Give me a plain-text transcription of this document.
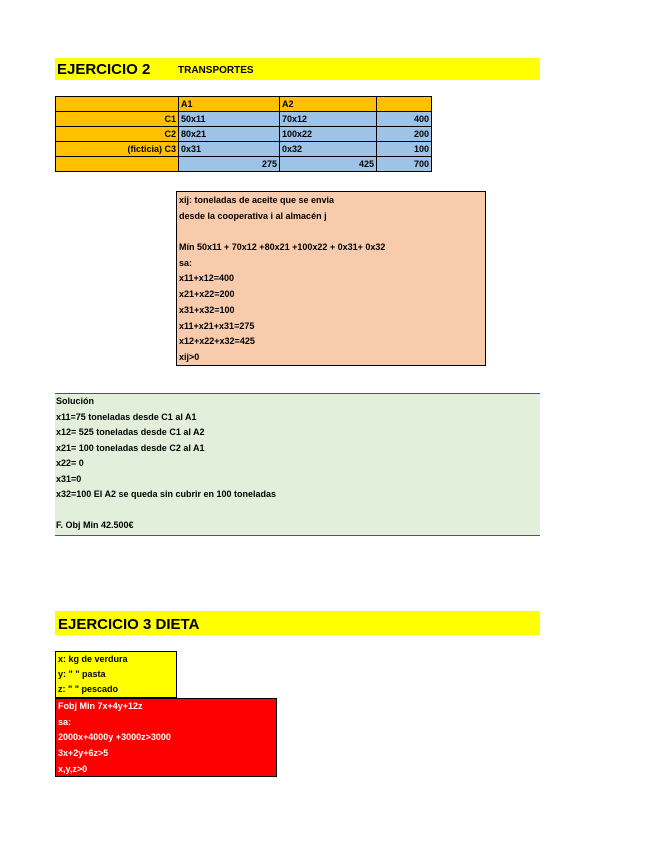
EJERCICIO 2	TRANSPORTES
	A1	A2	
C1	50x11	70x12	400
C2	80x21	100x22	200
(ficticia) C3	0x31	0x32	100
	275	425	700
xij: toneladas de aceite que se envia
desde la cooperativa i al almacén j
Mín 50x11 + 70x12 +80x21 +100x22 + 0x31+ 0x32
sa:
x11+x12=400
x21+x22=200
x31+x32=100
x11+x21+x31=275
x12+x22+x32=425
xij>0
Solución
x11=75 toneladas desde C1 al A1
x12= 525 toneladas desde C1 al A2
x21= 100 toneladas desde C2 al A1
x22= 0
x31=0
x32=100 El A2 se queda sin cubrir en 100 toneladas
F. Obj Min 42.500€
EJERCICIO 3 DIETA
x: kg de verdura
y: " " pasta
z: " " pescado
Fobj Min 7x+4y+12z
sa:
2000x+4000y +3000z>3000
3x+2y+6z>5
x,y,z>0
